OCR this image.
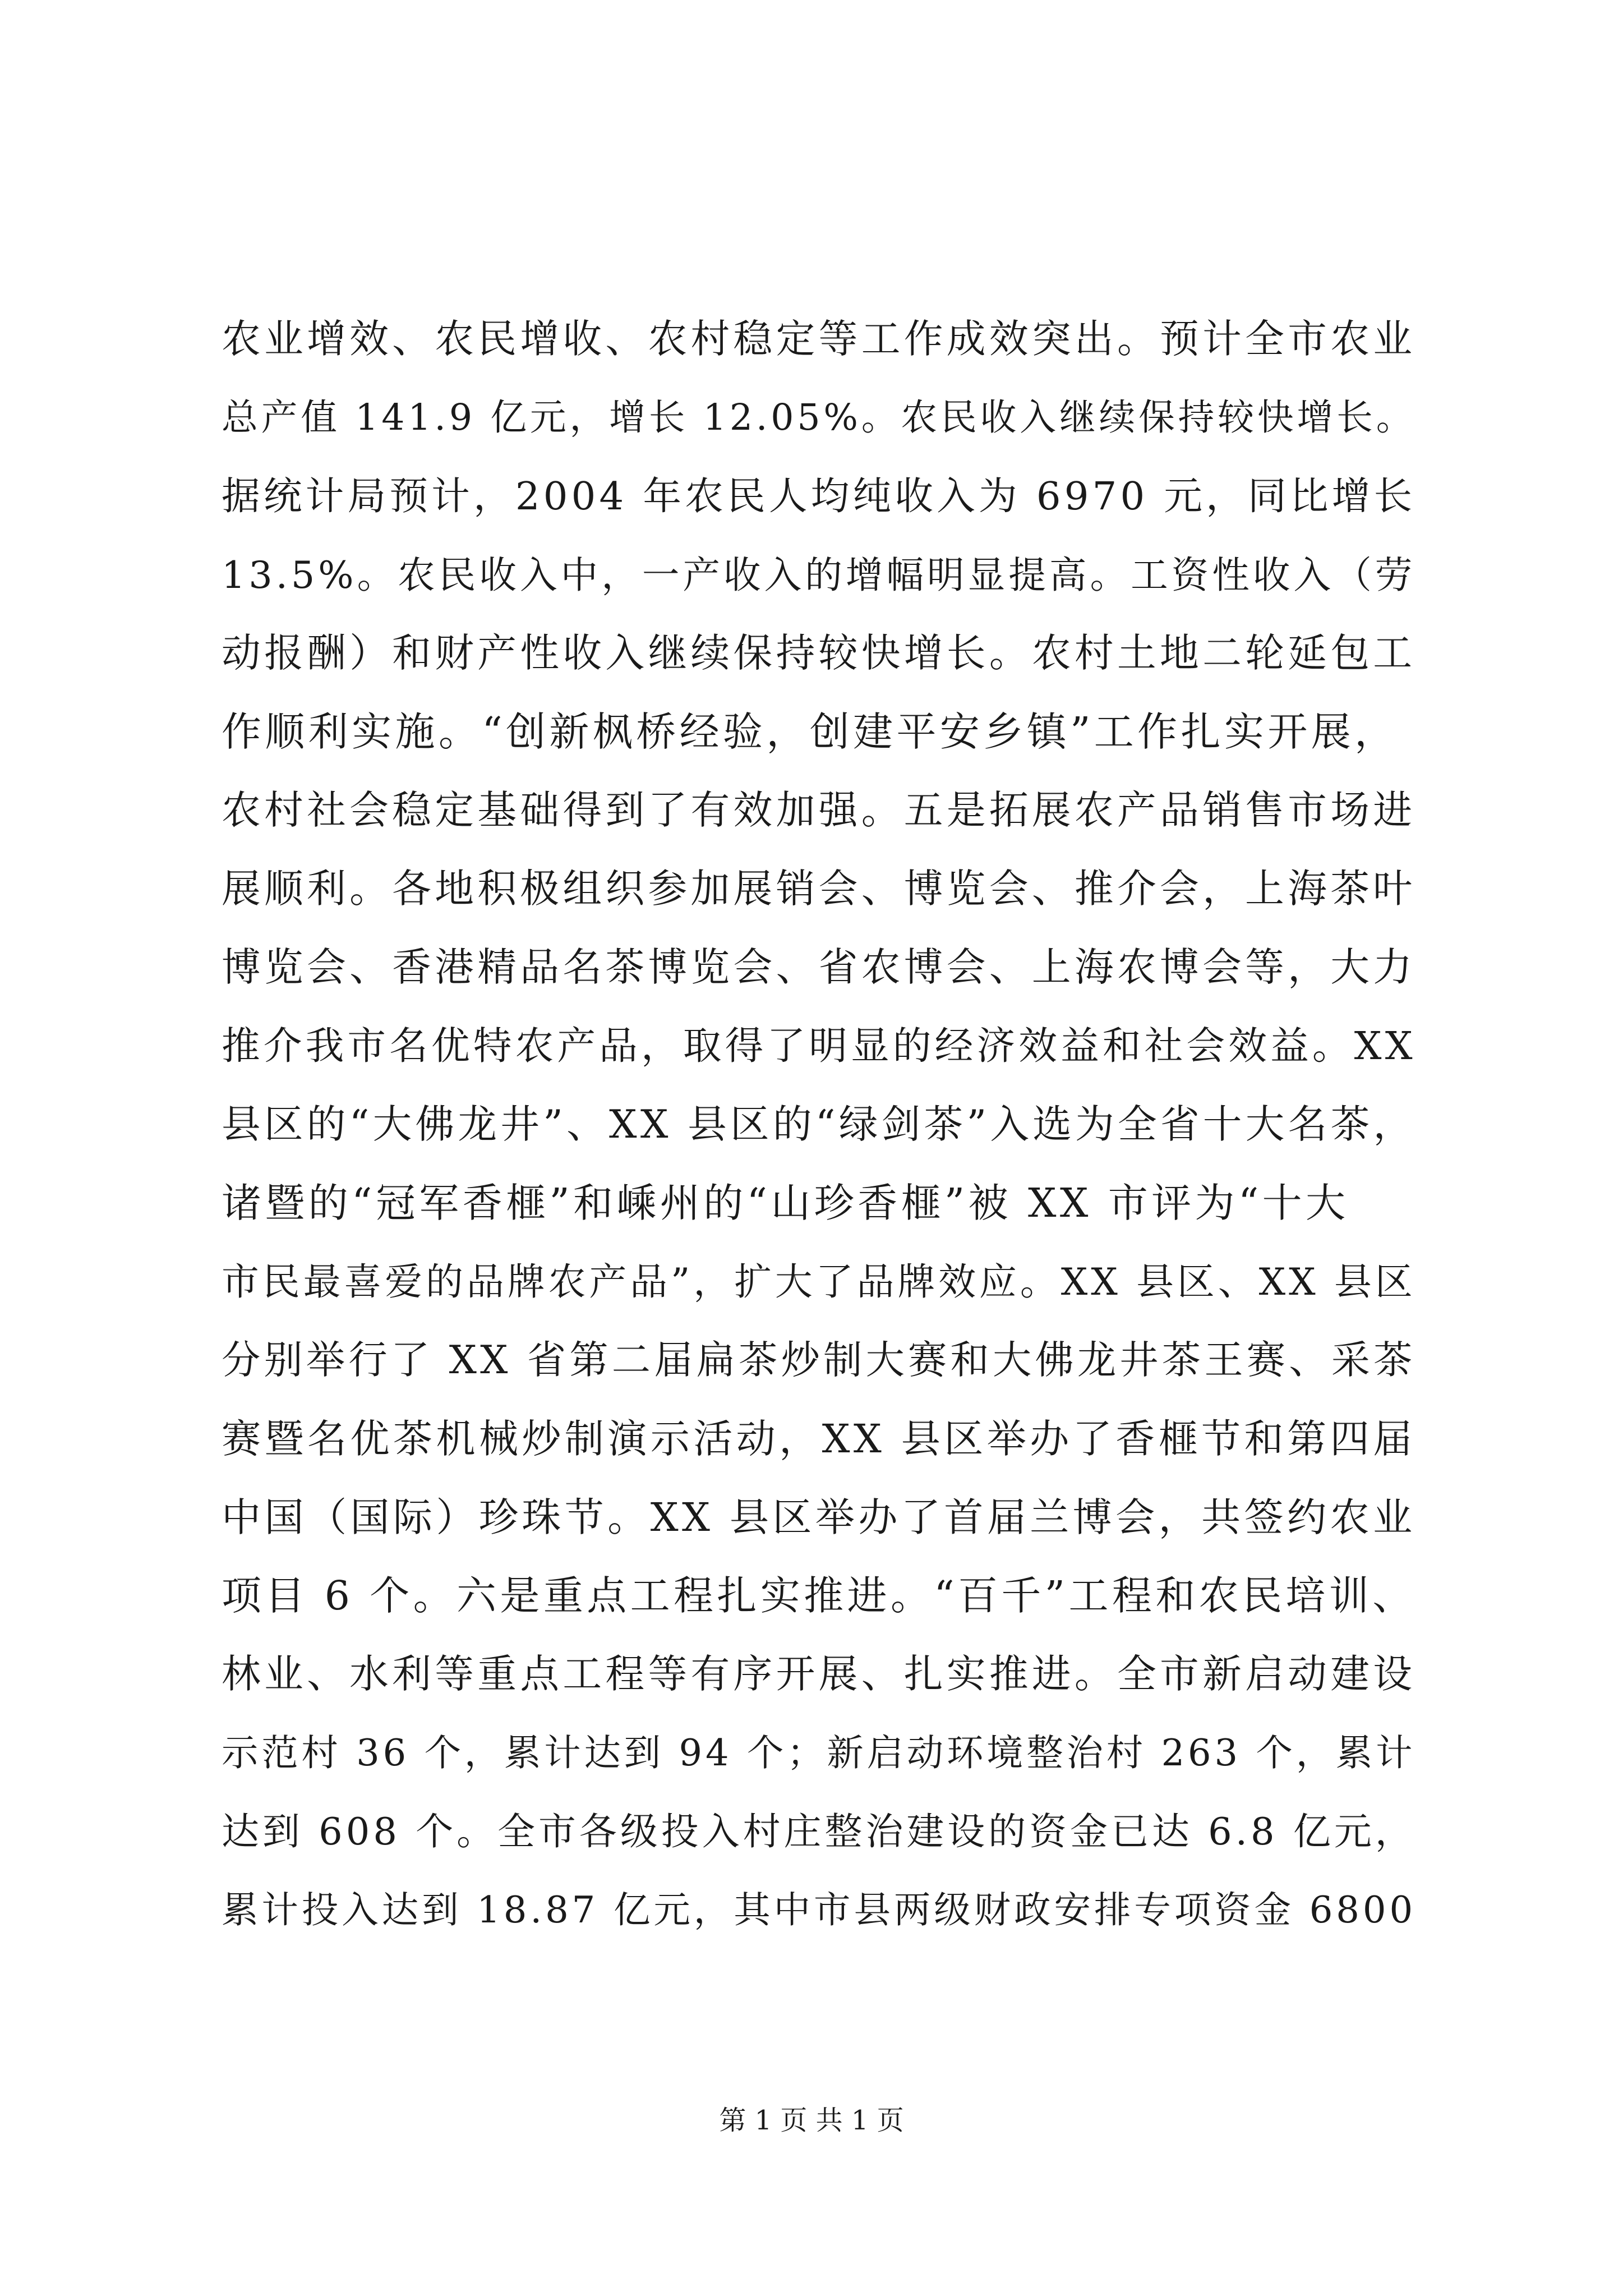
农业增效、农民增收、农村稳定等工作成效突出。预计全市农业
总产值 141.9 亿元，增长 12.05%。农民收入继续保持较快增长。
据统计局预计，2004 年农民人均纯收入为 6970 元，同比增长
13.5%。农民收入中，一产收入的增幅明显提高。工资性收入（劳
动报酬）和财产性收入继续保持较快增长。农村土地二轮延包工
作顺利实施。“创新枫桥经验，创建平安乡镇”工作扎实开展，
农村社会稳定基础得到了有效加强。五是拓展农产品销售市场进
展顺利。各地积极组织参加展销会、博览会、推介会，上海茶叶
博览会、香港精品名茶博览会、省农博会、上海农博会等，大力
推介我市名优特农产品，取得了明显的经济效益和社会效益。XX
县区的“大佛龙井”、XX 县区的“绿剑茶”入选为全省十大名茶，
诸暨的“冠军香榧”和嵊州的“山珍香榧”被 XX 市评为“十大
市民最喜爱的品牌农产品”，扩大了品牌效应。XX 县区、XX 县区
分别举行了 XX 省第二届扁茶炒制大赛和大佛龙井茶王赛、采茶
赛暨名优茶机械炒制演示活动，XX 县区举办了香榧节和第四届
中国（国际）珍珠节。XX 县区举办了首届兰博会，共签约农业
项目 6 个。六是重点工程扎实推进。“百千”工程和农民培训、
林业、水利等重点工程等有序开展、扎实推进。全市新启动建设
示范村 36 个，累计达到 94 个；新启动环境整治村 263 个，累计
达到 608 个。全市各级投入村庄整治建设的资金已达 6.8 亿元，
累计投入达到 18.87 亿元，其中市县两级财政安排专项资金 6800
第 1 页 共 1 页
